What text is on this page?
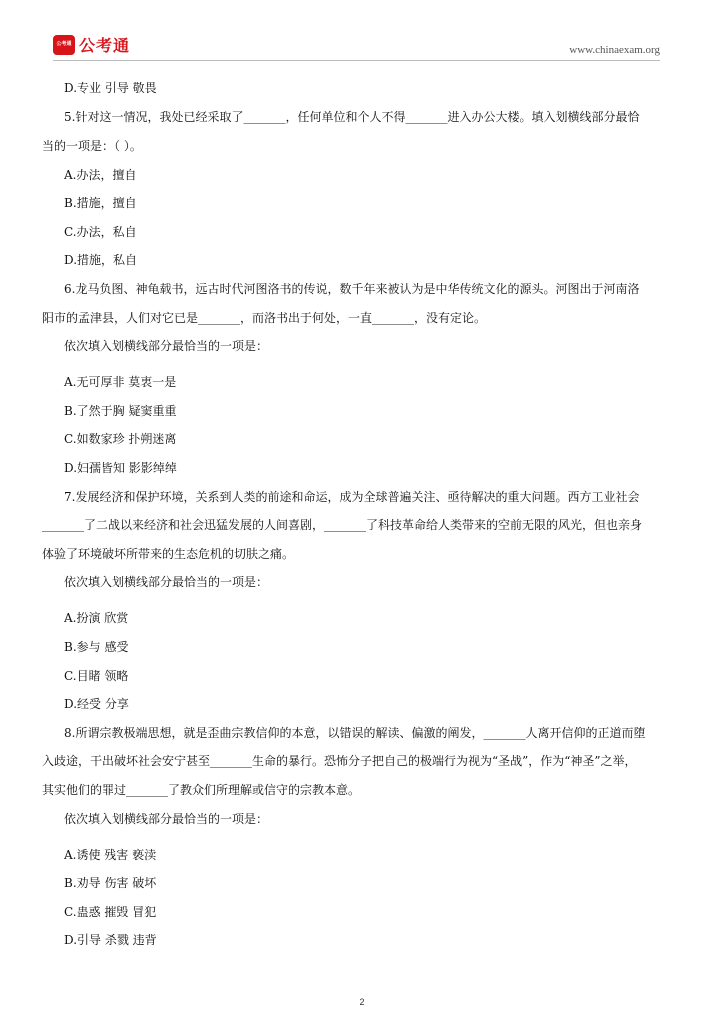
公考通 公考通	www.chinaexam.org
D.专业 引导 敬畏
5.针对这一情况，我处已经采取了_______，任何单位和个人不得_______进入办公大楼。填入划横线部分最恰
当的一项是：（ ）。
A.办法，擅自
B.措施，擅自
C.办法，私自
D.措施，私自
6.龙马负图、神龟载书，远古时代河图洛书的传说，数千年来被认为是中华传统文化的源头。河图出于河南洛
阳市的孟津县，人们对它已是_______，而洛书出于何处，一直_______，没有定论。
依次填入划横线部分最恰当的一项是：
A.无可厚非 莫衷一是
B.了然于胸 疑窦重重
C.如数家珍 扑朔迷离
D.妇孺皆知 影影绰绰
7.发展经济和保护环境，关系到人类的前途和命运，成为全球普遍关注、亟待解决的重大问题。西方工业社会
_______了二战以来经济和社会迅猛发展的人间喜剧，_______了科技革命给人类带来的空前无限的风光，但也亲身
体验了环境破坏所带来的生态危机的切肤之痛。
依次填入划横线部分最恰当的一项是：
A.扮演 欣赏
B.参与 感受
C.目睹 领略
D.经受 分享
8.所谓宗教极端思想，就是歪曲宗教信仰的本意，以错误的解读、偏激的阐发，_______人离开信仰的正道而堕
入歧途，干出破坏社会安宁甚至_______生命的暴行。恐怖分子把自己的极端行为视为“圣战”，作为“神圣”之举，
其实他们的罪过_______了教众们所理解或信守的宗教本意。
依次填入划横线部分最恰当的一项是：
A.诱使 残害 亵渎
B.劝导 伤害 破坏
C.蛊惑 摧毁 冒犯
D.引导 杀戮 违背
2
